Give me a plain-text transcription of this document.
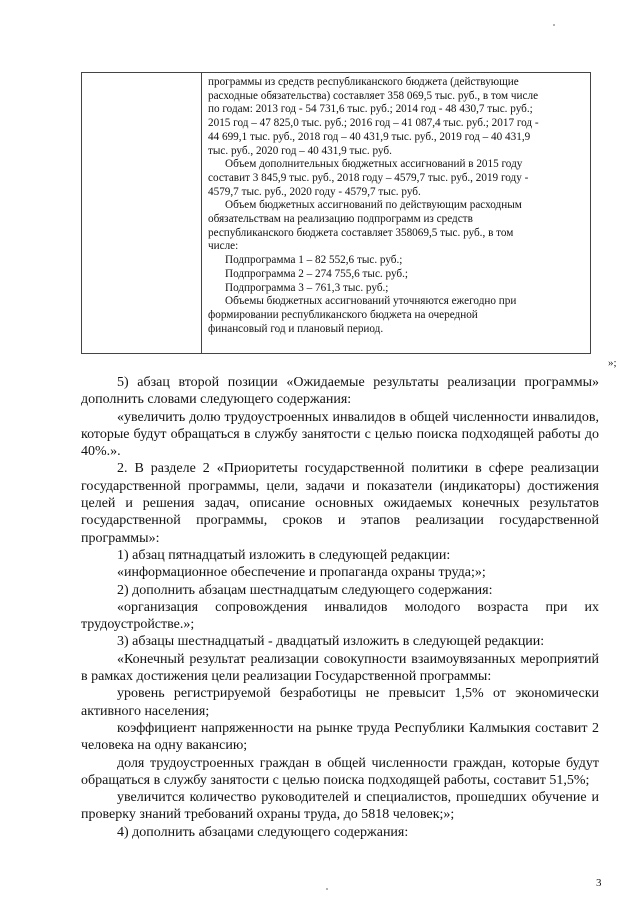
программы из средств республиканского бюджета (действующие

расходные обязательства) составляет 358 069,5 тыс. руб., в том числе

по годам: 2013 год - 54 731,6 тыс. руб.; 2014 год - 48 430,7 тыс. руб.;

2015 год – 47 825,0 тыс. руб.; 2016 год – 41 087,4 тыс. руб.; 2017 год -

44 699,1 тыс. руб., 2018 год – 40 431,9 тыс. руб., 2019 год – 40 431,9

тыс. руб., 2020 год – 40 431,9 тыс. руб.

Объем дополнительных бюджетных ассигнований в 2015 году

составит 3 845,9 тыс. руб., 2018 году – 4579,7 тыс. руб., 2019 году -

4579,7 тыс. руб., 2020 году - 4579,7 тыс. руб.

Объем бюджетных ассигнований по действующим расходным

обязательствам на реализацию подпрограмм из средств

республиканского бюджета составляет 358069,5 тыс. руб., в том

числе:

Подпрограмма 1 – 82 552,6 тыс. руб.;

Подпрограмма 2 – 274 755,6 тыс. руб.;

Подпрограмма 3 – 761,3 тыс. руб.;

Объемы бюджетных ассигнований уточняются ежегодно при

формировании республиканского бюджета на очередной

финансовый год и плановый период.

»;

5) абзац второй позиции «Ожидаемые результаты реализации программы» дополнить словами следующего содержания:

«увеличить долю трудоустроенных инвалидов в общей численности инвалидов, которые будут обращаться в службу занятости с целью поиска подходящей работы до 40%.».

2. В разделе 2 «Приоритеты государственной политики в сфере реализации государственной программы, цели, задачи и показатели (индикаторы) достижения целей и решения задач, описание основных ожидаемых конечных результатов государственной программы, сроков и этапов реализации государственной программы»:

1) абзац пятнадцатый изложить в следующей редакции:

«информационное обеспечение и пропаганда охраны труда;»;

2) дополнить абзацам шестнадцатым следующего содержания:

«организация сопровождения инвалидов молодого возраста при их трудоустройстве.»;

3) абзацы шестнадцатый - двадцатый изложить в следующей редакции:

«Конечный результат реализации совокупности взаимоувязанных мероприятий в рамках достижения цели реализации Государственной программы:

уровень регистрируемой безработицы не превысит 1,5% от экономически активного населения;

коэффициент напряженности на рынке труда Республики Калмыкия составит 2 человека на одну вакансию;

доля трудоустроенных граждан в общей численности граждан, которые будут обращаться в службу занятости с целью поиска подходящей работы, составит 51,5%;

увеличится количество руководителей и специалистов, прошедших обучение и проверку знаний требований охраны труда, до 5818 человек;»;

4) дополнить абзацами следующего содержания:

3
